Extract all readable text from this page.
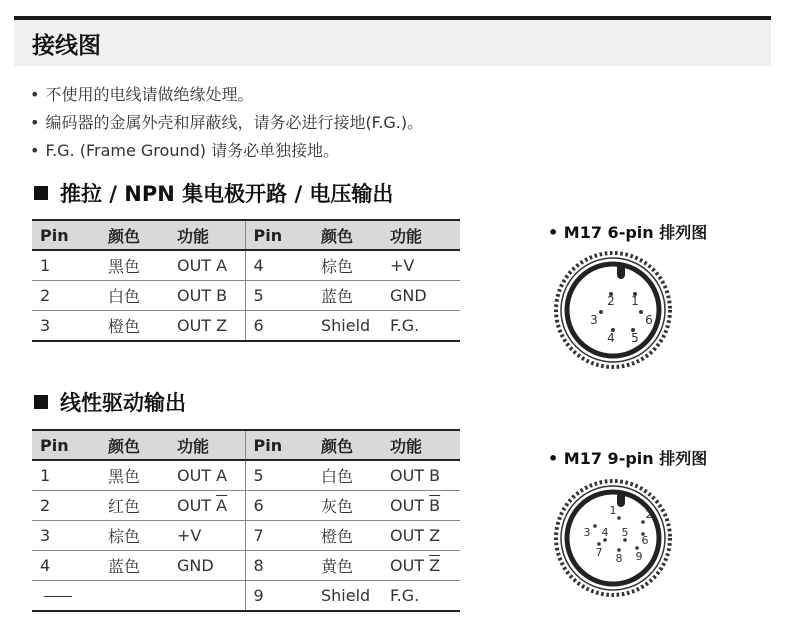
接线图
• 不使用的电线请做绝缘处理。
• 编码器的金属外壳和屏蔽线，请务必进行接地(F.G.)。
• F.G. (Frame Ground) 请务必单独接地。
推拉 / NPN 集电极开路 / 电压输出
Pin	颜色	功能	Pin	颜色	功能
1	黑色	OUT A	4	棕色	+V
2	白色	OUT B	5	蓝色	GND
3	橙色	OUT Z	6	Shield	F.G.
• M17 6-pin 排列图
1
2
3
4 5
6
线性驱动输出
Pin	颜色	功能	Pin	颜色	功能
1	黑色	OUT A	5	白色	OUT B
2	红色	OUT $\overline{A}$	6	灰色	OUT $\overline{B}$
3	棕色	+V	7	橙色	OUT Z
4	蓝色	GND	8	黄色	OUT $\overline{Z}$
			9	Shield	F.G.
• M17 9-pin 排列图
1	2
3 4 5
6
7 8 9
